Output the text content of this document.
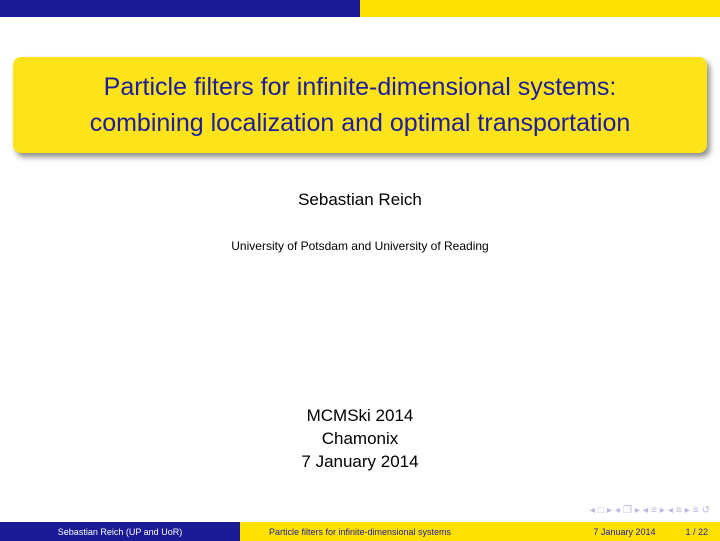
Particle filters for infinite-dimensional systems:
combining localization and optimal transportation
Sebastian Reich
University of Potsdam and University of Reading
MCMSki 2014
Chamonix
7 January 2014
◂ □ ▸ ◂ ❐ ▸ ◂ ≡ ▸ ◂ ≡ ▸ ≡ ↺
Sebastian Reich (UP and UoR)	Particle filters for infinite-dimensional systems	7 January 2014	1 / 22
